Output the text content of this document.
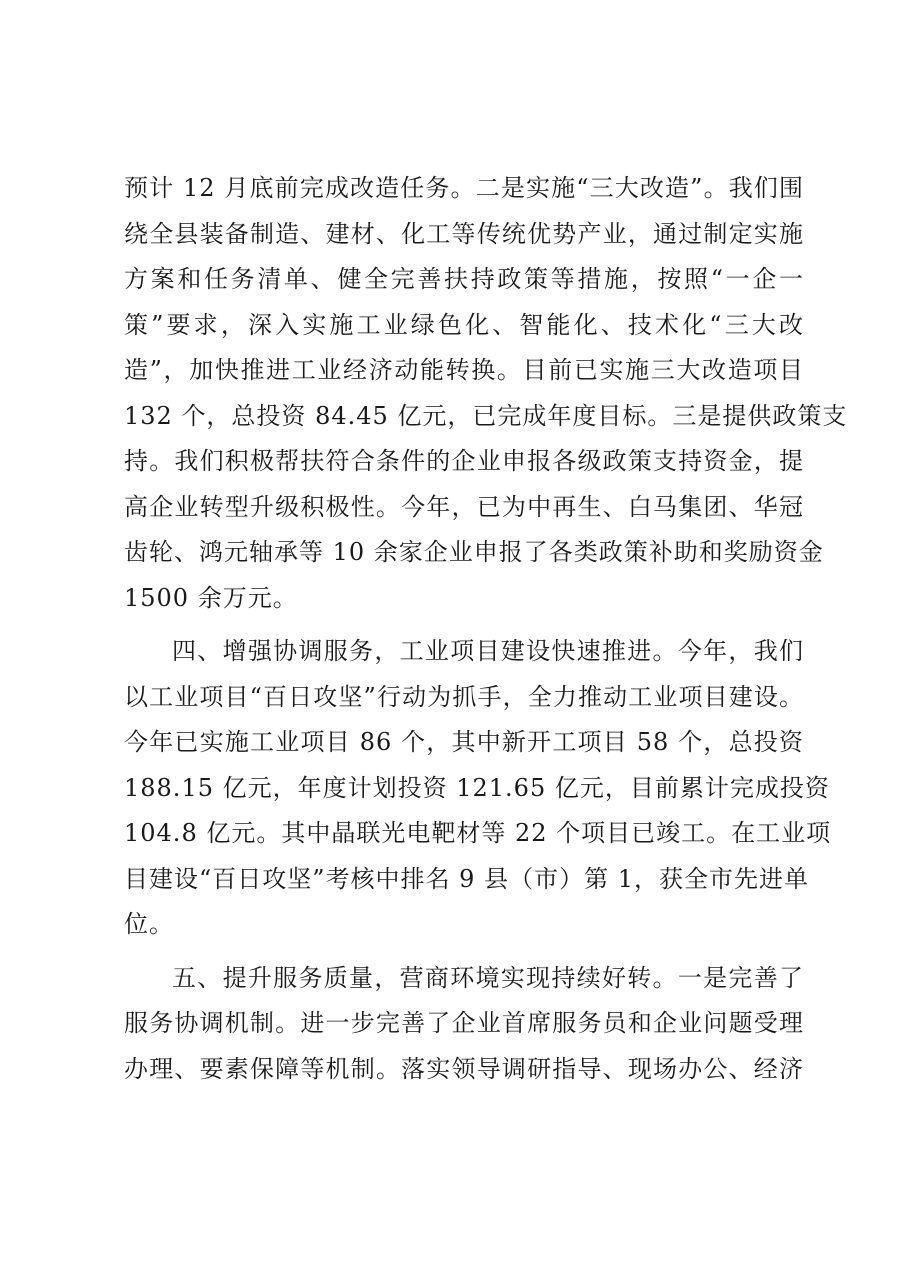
预计 12 月底前完成改造任务。二是实施“三大改造”。我们围
绕全县装备制造、建材、化工等传统优势产业，通过制定实施
方案和任务清单、健全完善扶持政策等措施，按照“一企一
策”要求，深入实施工业绿色化、智能化、技术化“三大改
造”，加快推进工业经济动能转换。目前已实施三大改造项目
132 个，总投资 84.45 亿元，已完成年度目标。三是提供政策支
持。我们积极帮扶符合条件的企业申报各级政策支持资金，提
高企业转型升级积极性。今年，已为中再生、白马集团、华冠
齿轮、鸿元轴承等 10 余家企业申报了各类政策补助和奖励资金
1500 余万元。
四、增强协调服务，工业项目建设快速推进。今年，我们
以工业项目“百日攻坚”行动为抓手，全力推动工业项目建设。
今年已实施工业项目 86 个，其中新开工项目 58 个，总投资
188.15 亿元，年度计划投资 121.65 亿元，目前累计完成投资
104.8 亿元。其中晶联光电靶材等 22 个项目已竣工。在工业项
目建设“百日攻坚”考核中排名 9 县（市）第 1，获全市先进单
位。
五、提升服务质量，营商环境实现持续好转。一是完善了
服务协调机制。进一步完善了企业首席服务员和企业问题受理
办理、要素保障等机制。落实领导调研指导、现场办公、经济
